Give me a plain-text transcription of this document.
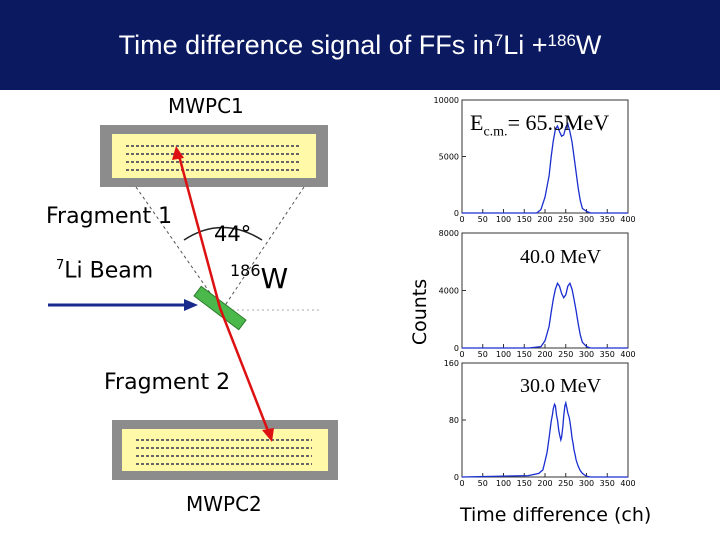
Time difference signal of FFs in $^7$ Li + $^{186}$ W
MWPC1
MWPC2
Fragment 1
Fragment 2
$^7$Li Beam
44°
$^{186}$W
Counts
Time difference (ch)
0 50 100 150 200 250 300 350 400
0
5000
10000
0 50 100 150 200 250 300 350 400
0
4000
8000
0 50 100 150 200 250 300 350 400
0
80
160
$E_{c.m.}= 65.5MeV$
40.0 MeV
30.0 MeV
